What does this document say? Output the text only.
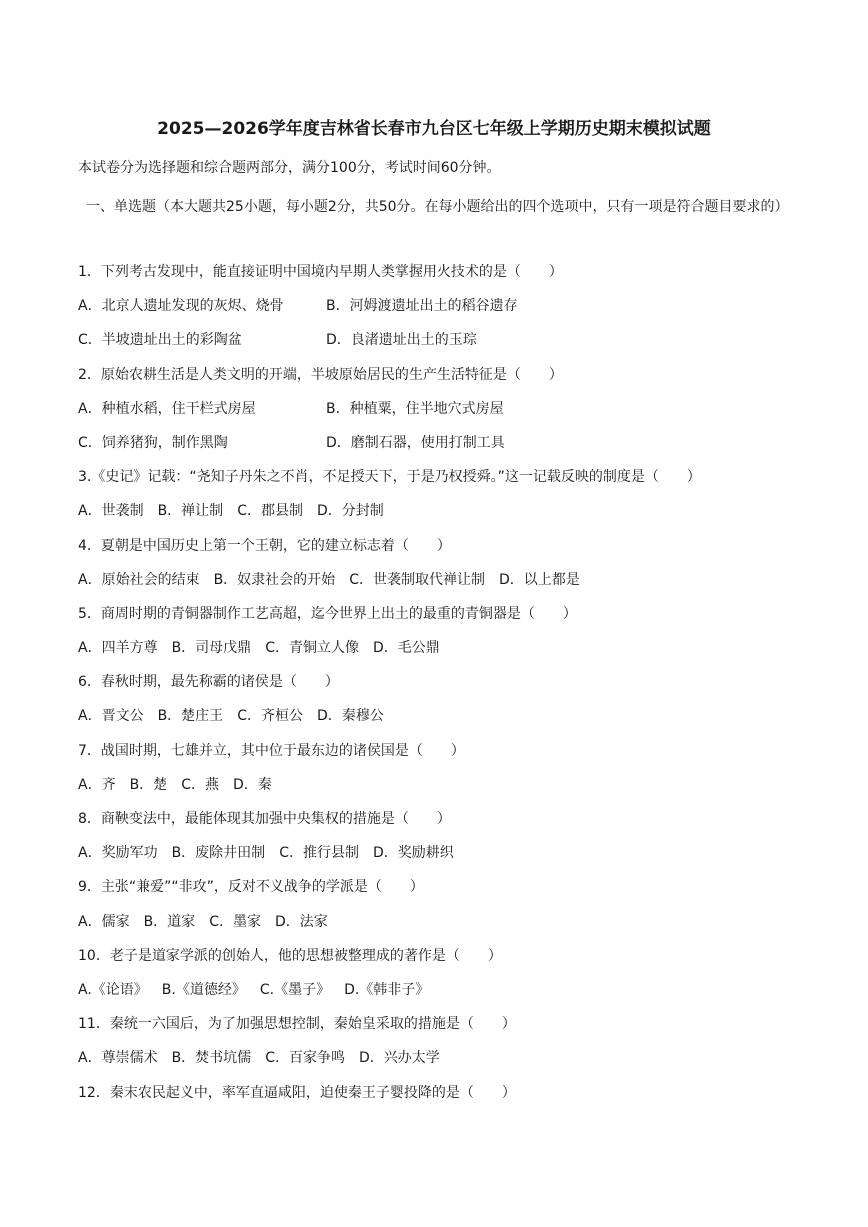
2025—2026学年度吉林省长春市九台区七年级上学期历史期末模拟试题
本试卷分为选择题和综合题两部分，满分100分，考试时间60分钟。
一、单选题（本大题共25小题，每小题2分，共50分。在每小题给出的四个选项中，只有一项是符合题目要求的）
1．下列考古发现中，能直接证明中国境内早期人类掌握用火技术的是（　　）
A．北京人遗址发现的灰烬、烧骨	B．河姆渡遗址出土的稻谷遗存
C．半坡遗址出土的彩陶盆	D．良渚遗址出土的玉琮
2．原始农耕生活是人类文明的开端，半坡原始居民的生产生活特征是（　　）
A．种植水稻，住干栏式房屋	B．种植粟，住半地穴式房屋
C．饲养猪狗，制作黑陶	D．磨制石器，使用打制工具
3.《史记》记载：“尧知子丹朱之不肖，不足授天下，于是乃权授舜。”这一记载反映的制度是（　　）
A．世袭制 B．禅让制 C．郡县制 D．分封制
4．夏朝是中国历史上第一个王朝，它的建立标志着（　　）
A．原始社会的结束 B．奴隶社会的开始 C．世袭制取代禅让制 D．以上都是
5．商周时期的青铜器制作工艺高超，迄今世界上出土的最重的青铜器是（　　）
A．四羊方尊 B．司母戊鼎 C．青铜立人像 D．毛公鼎
6．春秋时期，最先称霸的诸侯是（　　）
A．晋文公 B．楚庄王 C．齐桓公 D．秦穆公
7．战国时期，七雄并立，其中位于最东边的诸侯国是（　　）
A．齐 B．楚 C．燕 D．秦
8．商鞅变法中，最能体现其加强中央集权的措施是（　　）
A．奖励军功 B．废除井田制 C．推行县制 D．奖励耕织
9．主张“兼爱”“非攻”，反对不义战争的学派是（　　）
A．儒家 B．道家 C．墨家 D．法家
10．老子是道家学派的创始人，他的思想被整理成的著作是（　　）
A.《论语》 B.《道德经》 C.《墨子》 D.《韩非子》
11．秦统一六国后，为了加强思想控制，秦始皇采取的措施是（　　）
A．尊崇儒术 B．焚书坑儒 C．百家争鸣 D．兴办太学
12．秦末农民起义中，率军直逼咸阳，迫使秦王子婴投降的是（　　）
